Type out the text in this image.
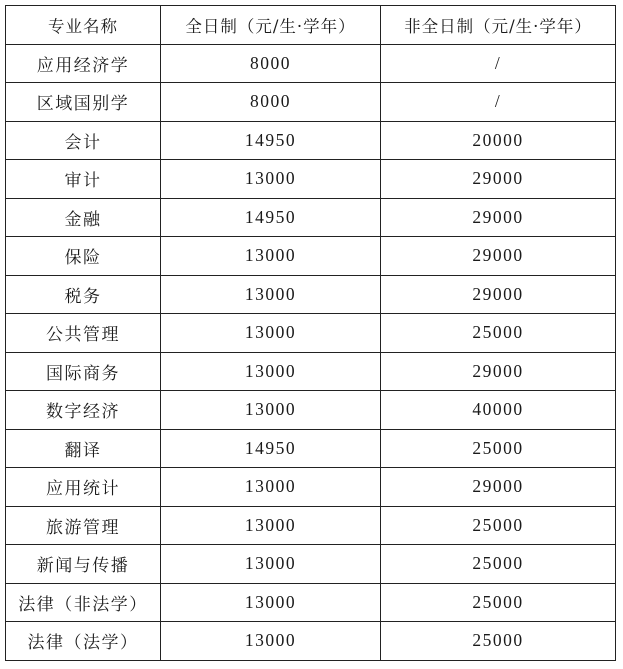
专业名称	全日制（元/生·学年）	非全日制（元/生·学年）
应用经济学	8000	/
区域国别学	8000	/
会计	14950	20000
审计	13000	29000
金融	14950	29000
保险	13000	29000
税务	13000	29000
公共管理	13000	25000
国际商务	13000	29000
数字经济	13000	40000
翻译	14950	25000
应用统计	13000	29000
旅游管理	13000	25000
新闻与传播	13000	25000
法律（非法学）	13000	25000
法律（法学）	13000	25000
